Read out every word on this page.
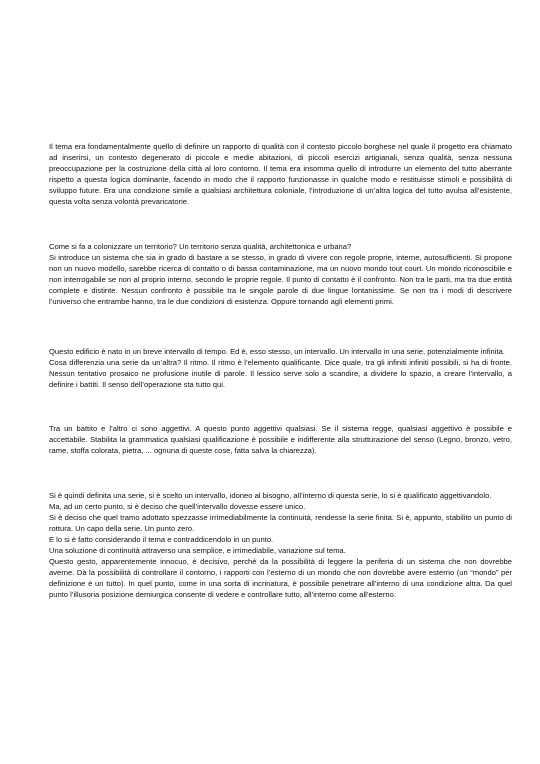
Il tema era fondamentalmente quello di definire un rapporto di qualità con il contesto piccolo borghese nel quale il progetto era chiamato ad inserirsi, un contesto degenerato di piccole e medie abitazioni, di piccoli esercizi artigianali, senza qualità, senza nessuna preoccupazione per la costruzione della città al loro contorno. Il tema era insomma quello di introdurre un elemento del tutto aberrante rispetto a questa logica dominante, facendo in modo che il rapporto funzionasse in qualche modo e restituisse stimoli e possibilità di sviluppo future. Era una condizione simile a qualsiasi architettura coloniale, l’introduzione di un’altra logica del tutto avulsa all’esistente, questa volta senza volontà prevaricatorie.

Come si fa a colonizzare un territorio? Un territorio senza qualità, architettonica e urbana?
Si introduce un sistema che sia in grado di bastare a se stesso, in grado di vivere con regole proprie, interne, autosufficienti. Si propone non un nuovo modello, sarebbe ricerca di contatto o di bassa contaminazione, ma un nuovo mondo tout court. Un mondo riconoscibile e non interrogabile se non al proprio interno, secondo le proprie regole. Il punto di contatto è il confronto. Non tra le parti, ma tra due entità complete e distinte. Nessun confronto è possibile tra le singole parole di due lingue lontanissime. Se non tra i modi di descrivere l’universo che entrambe hanno, tra le due condizioni di esistenza. Oppure tornando agli elementi primi.

Questo edificio è nato in un breve intervallo di tempo. Ed è, esso stesso, un intervallo. Un intervallo in una serie, potenzialmente infinita.
Cosa differenzia una serie da un’altra? Il ritmo. Il ritmo è l’elemento qualificante. Dice quale, tra gli infiniti infiniti possibili, si ha di fronte. Nessun tentativo prosaico ne profusione inutile di parole. Il lessico serve solo a scandire, a dividere lo spazio, a creare l’intervallo, a definire i battiti. Il senso dell’operazione sta tutto qui.

Tra un battito e l’altro ci sono aggettivi. A questo punto aggettivi qualsiasi. Se il sistema regge, qualsiasi aggettivo è possibile e accettabile. Stabilita la grammatica qualsiasi qualificazione è possibile e indifferente alla strutturazione del senso (Legno, bronzo, vetro, rame, stoffa colorata, pietra, ... ognuna di queste cose, fatta salva la chiarezza).

Si è quindi definita una serie, si è scelto un intervallo, idoneo al bisogno, all’interno di questa serie, lo si è qualificato aggettivandolo.
Ma, ad un certo punto, si è deciso che quell’intervallo dovesse essere unico.
Si è deciso che quel tramo adottato spezzasse irrimediabilmente la continuità, rendesse la serie finita. Si è, appunto, stabilito un punto di rottura. Un capo della serie. Un punto zero.
E lo si è fatto considerando il tema e contraddicendolo in un punto.
Una soluzione di continuità attraverso una semplice, e irrimediabile, variazione sul tema.
Questo gesto, apparentemente innocuo, è decisivo, perché da la possibilità di leggere la periferia di un sistema che non dovrebbe averne. Dà la possibilità di controllare il contorno, i rapporti con l’esterno di un mondo che non dovrebbe avere esterno (un “mondo” per definizione è un tutto). In quel punto, come in una sorta di incrinatura, è possibile penetrare all’interno di una condizione altra. Da quel punto l’illusoria posizione demiurgica consente di vedere e controllare tutto, all’interno come all’esterno.
